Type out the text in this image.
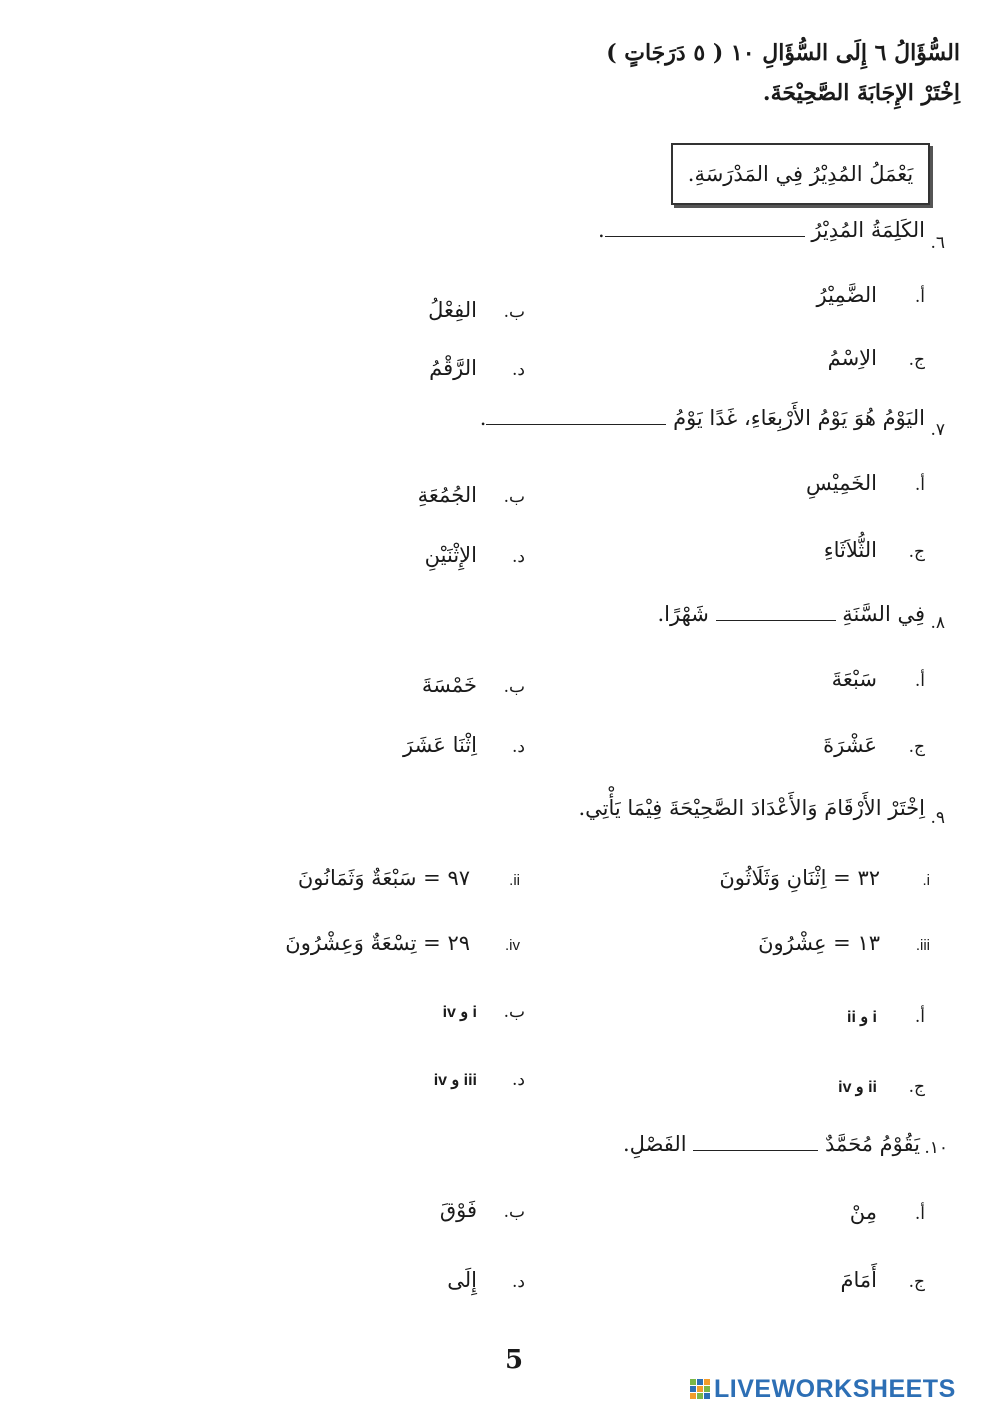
السُّؤَالُ ٦ إِلَى السُّؤَالِ ١٠ ( ٥ دَرَجَاتٍ )
اِخْتَرْ الإِجَابَةَ الصَّحِيْحَةَ.
يَعْمَلُ المُدِيْرُ فِي المَدْرَسَةِ.
٦.
الكَلِمَةُ المُدِيْرُ .
أ.الضَّمِيْرُ
ب.الفِعْلُ
ج.الاِسْمُ
د.الرَّقْمُ
٧.
اليَوْمُ هُوَ يَوْمُ الأَرْبِعَاءِ، غَدًا يَوْمُ .
أ.الخَمِيْسِ
ب.الجُمُعَةِ
ج.الثُّلاَثَاءِ
د.الإِثْنَيْنِ
٨.
فِي السَّنَةِ  شَهْرًا.
أ.سَبْعَةَ
ب.خَمْسَةَ
ج.عَشْرَةَ
د.اِثْنَا عَشَرَ
٩.
اِخْتَرْ الأَرْقَامَ وَالأَعْدَادَ الصَّحِيْحَةَ فِيْمَا يَأْتِي.
i.٣٢ = اِثْنَانِ وَثَلَاثُونَ
ii.٩٧ = سَبْعَةٌ وَثَمَانُونَ
iii.١٣ = عِشْرُونَ
iv.٢٩ = تِسْعَةٌ وَعِشْرُونَ
أ.i و ii
ب.i و iv
ج.ii و iv
د.iii و iv
١٠.
يَقُوْمُ مُحَمَّدٌ  الفَصْلِ.
أ.مِنْ
ب.فَوْقَ
ج.أَمَامَ
د.إِلَى
5
LIVEWORKSHEETS
